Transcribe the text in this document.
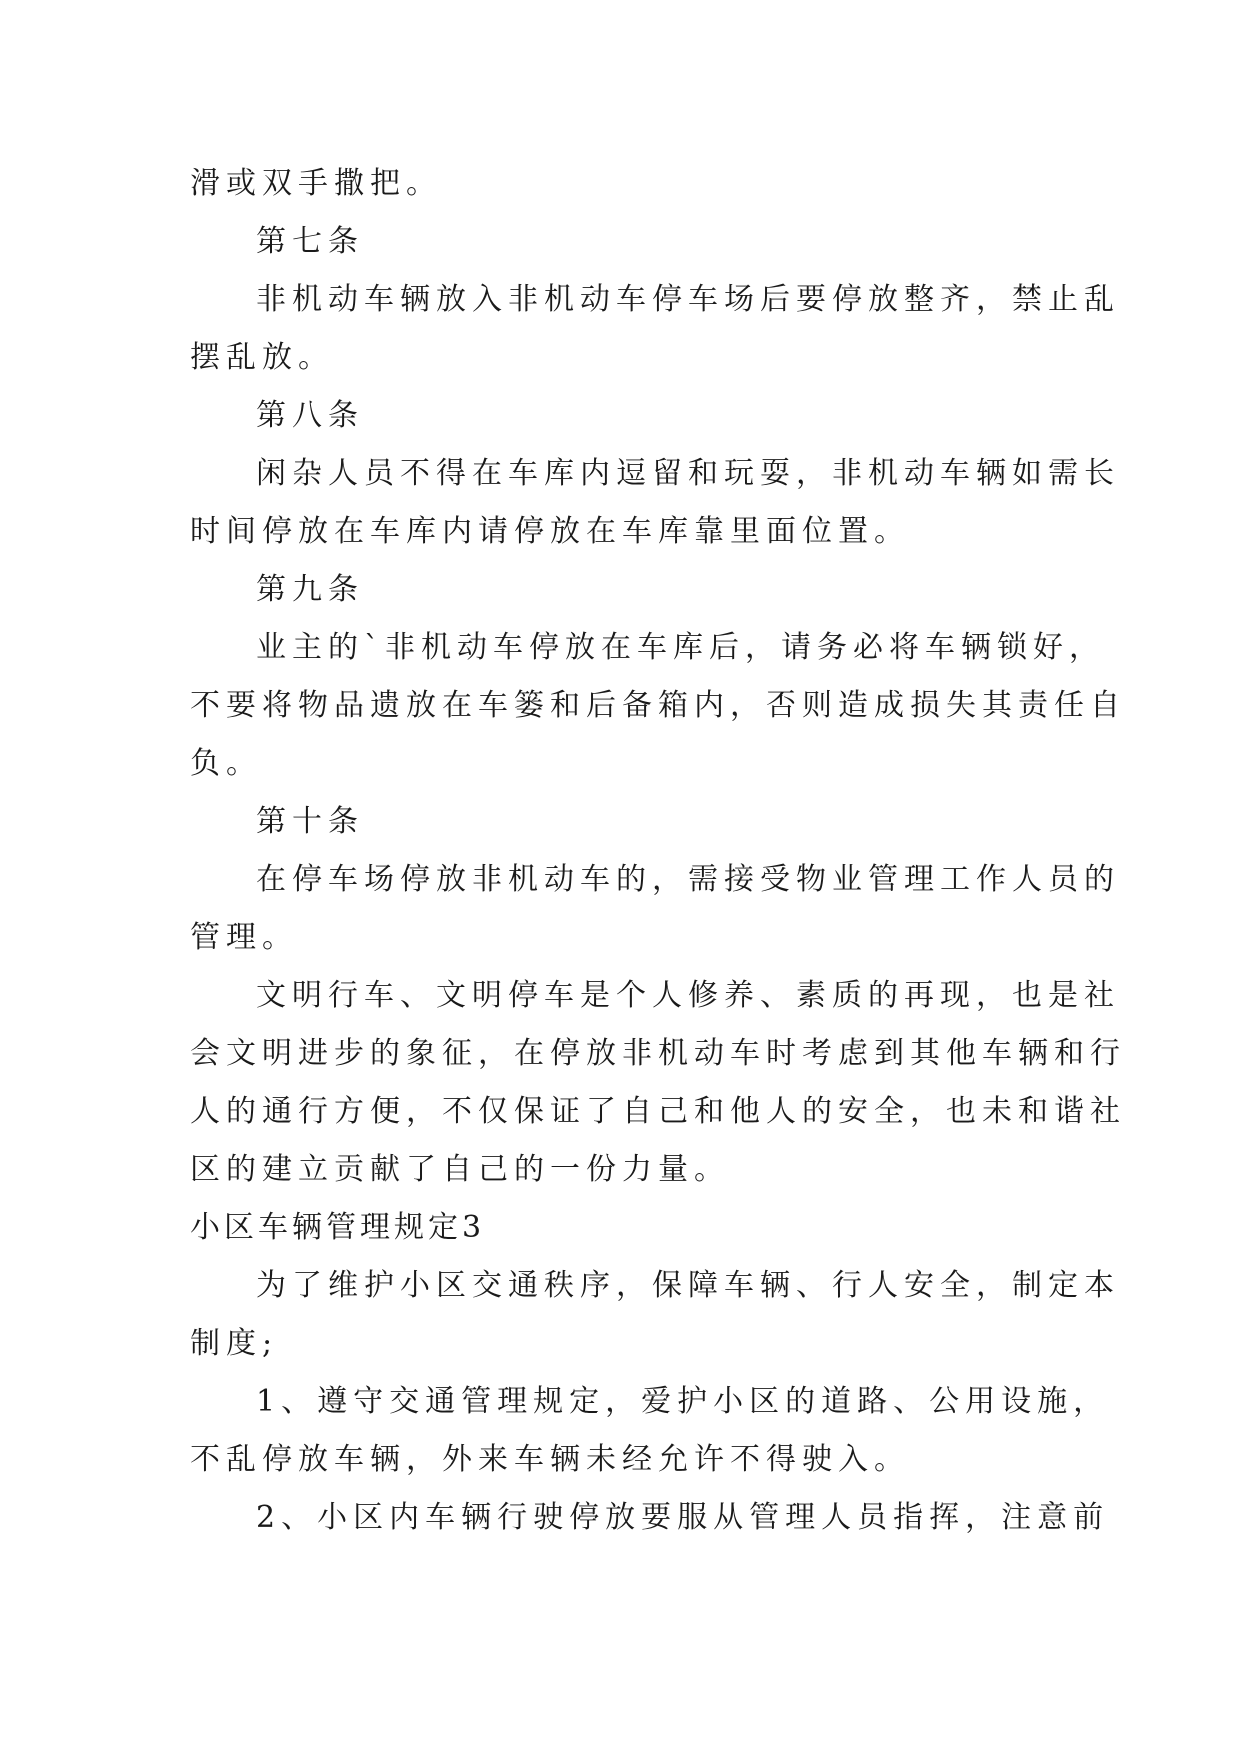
滑或双手撒把。
第七条
非机动车辆放入非机动车停车场后要停放整齐，禁止乱
摆乱放。
第八条
闲杂人员不得在车库内逗留和玩耍，非机动车辆如需长
时间停放在车库内请停放在车库靠里面位置。
第九条
业主的`非机动车停放在车库后，请务必将车辆锁好，
不要将物品遗放在车篓和后备箱内，否则造成损失其责任自
负。
第十条
在停车场停放非机动车的，需接受物业管理工作人员的
管理。
文明行车、文明停车是个人修养、素质的再现，也是社
会文明进步的象征，在停放非机动车时考虑到其他车辆和行
人的通行方便，不仅保证了自己和他人的安全，也未和谐社
区的建立贡献了自己的一份力量。
小区车辆管理规定3
为了维护小区交通秩序，保障车辆、行人安全，制定本
制度;
1、遵守交通管理规定，爱护小区的道路、公用设施，
不乱停放车辆，外来车辆未经允许不得驶入。
2、小区内车辆行驶停放要服从管理人员指挥，注意前
